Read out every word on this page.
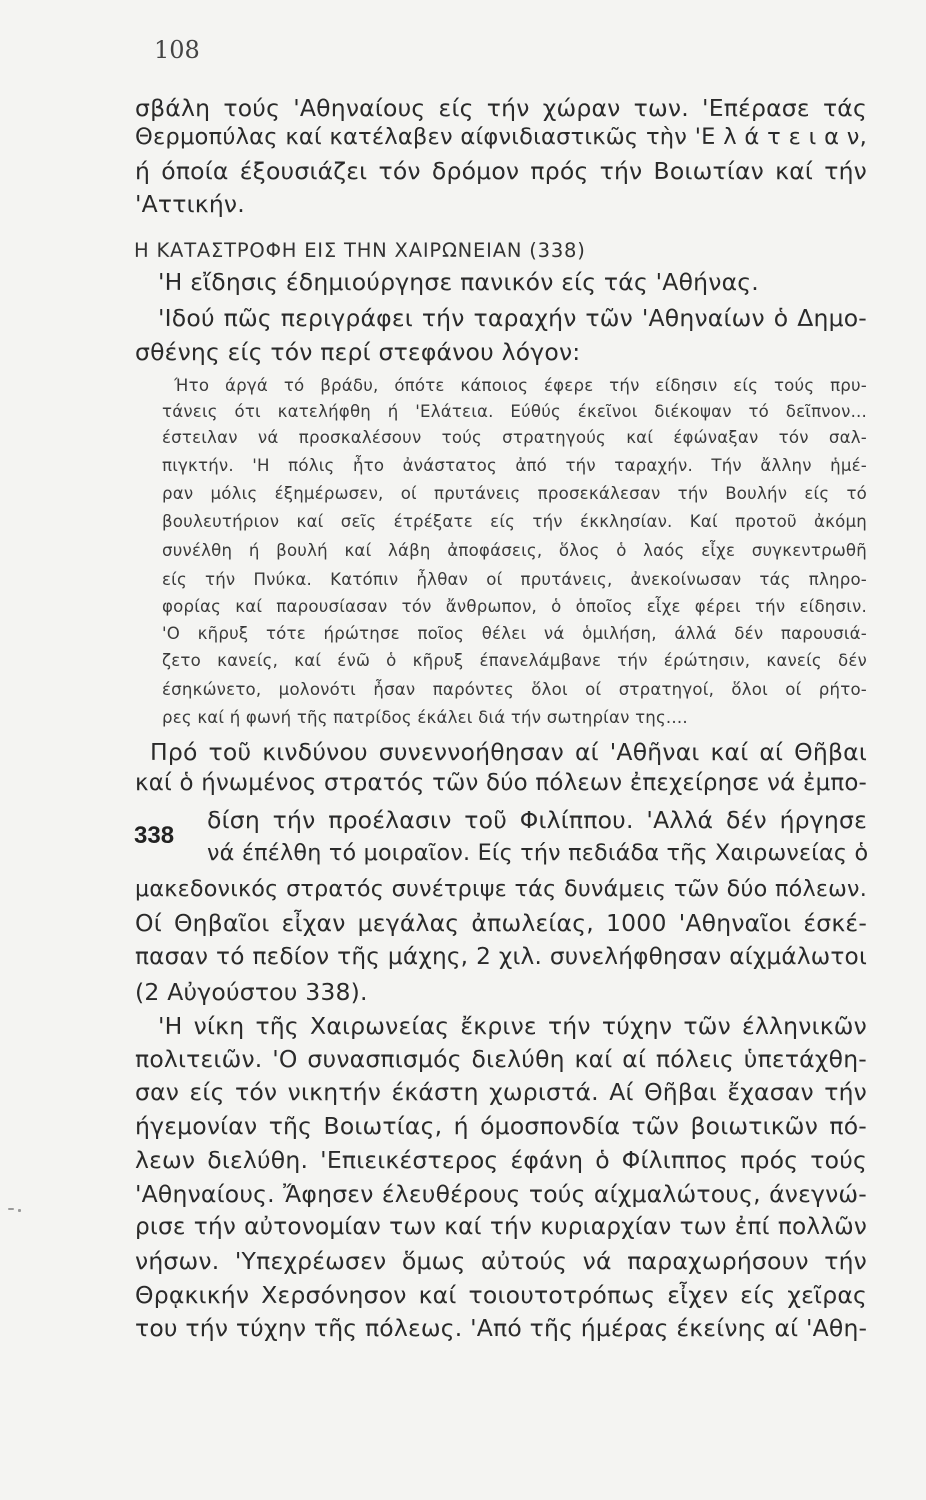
108
σβάλη τούς 'Αθηναίους είς τήν χώραν των. 'Επέρασε τάς
Θερμοπύλας καί κατέλαβεν αίφνιδιαστικῶς τὴν 'Ε λ ά τ ε ι α ν,
ή όποία έξουσιάζει τόν δρόμον πρός τήν Βοιωτίαν καί τήν
'Αττικήν.
Η ΚΑΤΑΣΤΡΟΦΗ ΕΙΣ ΤΗΝ ΧΑΙΡΩΝΕΙΑΝ (338)
'Η εἴδησις έδημιούργησε πανικόν είς τάς 'Αθήνας.
'Ιδού πῶς περιγράφει τήν ταραχήν τῶν 'Αθηναίων ὁ Δημο-
σθένης είς τόν περί στεφάνου λόγον:
Ήτο άργά τό βράδυ, όπότε κάποιος έφερε τήν είδησιν είς τούς πρυ-
τάνεις ότι κατελήφθη ή 'Ελάτεια. Εύθύς έκεῖνοι διέκοψαν τό δεῖπνον...
έστειλαν νά προσκαλέσουν τούς στρατηγούς καί έφώναξαν τόν σαλ-
πιγκτήν. 'Η πόλις ἦτο ἀνάστατος ἀπό τήν ταραχήν. Τήν ἄλλην ἡμέ-
ραν μόλις έξημέρωσεν, οί πρυτάνεις προσεκάλεσαν τήν Βουλήν είς τό
βουλευτήριον καί σεῖς έτρέξατε είς τήν έκκλησίαν. Καί προτοῦ ἀκόμη
συνέλθη ή βουλή καί λάβη ἀποφάσεις, ὅλος ὁ λαός εἶχε συγκεντρωθῆ
είς τήν Πνύκα. Κατόπιν ἦλθαν οί πρυτάνεις, ἀνεκοίνωσαν τάς πληρο-
φορίας καί παρουσίασαν τόν ἄνθρωπον, ὁ ὁποῖος εἶχε φέρει τήν είδησιν.
'Ο κῆρυξ τότε ήρώτησε ποῖος θέλει νά ὁμιλήση, άλλά δέν παρουσιά-
ζετο κανείς, καί ένῶ ὁ κῆρυξ έπανελάμβανε τήν έρώτησιν, κανείς δέν
έσηκώνετο, μολονότι ἦσαν παρόντες ὅλοι οί στρατηγοί, ὅλοι οί ρήτο-
ρες καί ή φωνή τῆς πατρίδος έκάλει διά τήν σωτηρίαν της....
Πρό τοῦ κινδύνου συνεννοήθησαν αί 'Αθῆναι καί αί Θῆβαι
καί ὁ ήνωμένος στρατός τῶν δύο πόλεων ἐπεχείρησε νά ἐμπο-
δίση τήν προέλασιν τοῦ Φιλίππου. 'Αλλά δέν ήργησε
338
νά έπέλθη τό μοιραῖον. Είς τήν πεδιάδα τῆς Χαιρωνείας ὁ
μακεδονικός στρατός συνέτριψε τάς δυνάμεις τῶν δύο πόλεων.
Οί Θηβαῖοι εἶχαν μεγάλας ἀπωλείας, 1000 'Αθηναῖοι έσκέ-
πασαν τό πεδίον τῆς μάχης, 2 χιλ. συνελήφθησαν αίχμάλωτοι
(2 Αὐγούστου 338).
'Η νίκη τῆς Χαιρωνείας ἔκρινε τήν τύχην τῶν έλληνικῶν
πολιτειῶν. 'Ο συνασπισμός διελύθη καί αί πόλεις ὑπετάχθη-
σαν είς τόν νικητήν έκάστη χωριστά. Αί Θῆβαι ἔχασαν τήν
ήγεμονίαν τῆς Βοιωτίας, ή όμοσπονδία τῶν βοιωτικῶν πό-
λεων διελύθη. 'Επιεικέστερος έφάνη ὁ Φίλιππος πρός τούς
'Αθηναίους. Ἄφησεν έλευθέρους τούς αίχμαλώτους, άνεγνώ-
ρισε τήν αὐτονομίαν των καί τήν κυριαρχίαν των ἐπί πολλῶν
νήσων. 'Υπεχρέωσεν ὅμως αὐτούς νά παραχωρήσουν τήν
Θρᾳκικήν Χερσόνησον καί τοιουτοτρόπως εἶχεν είς χεῖρας
του τήν τύχην τῆς πόλεως. 'Από τῆς ήμέρας έκείνης αί 'Αθη-
